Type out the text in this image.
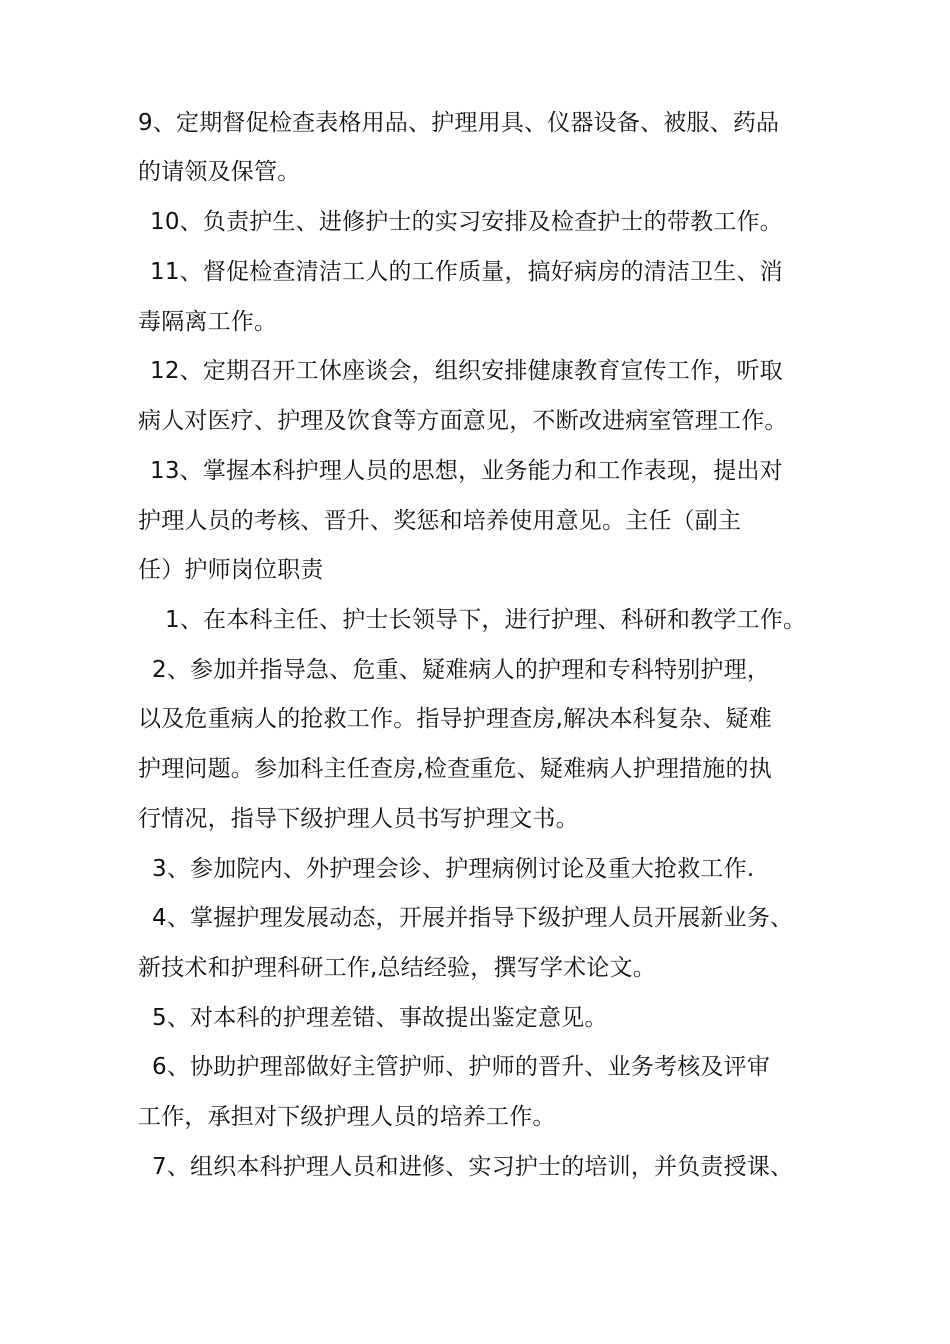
9、定期督促检查表格用品、护理用具、仪器设备、被服、药品
的请领及保管。
10、负责护生、进修护士的实习安排及检查护士的带教工作。
11、督促检查清洁工人的工作质量，搞好病房的清洁卫生、消
毒隔离工作。
12、定期召开工休座谈会，组织安排健康教育宣传工作，听取
病人对医疗、护理及饮食等方面意见，不断改进病室管理工作。
13、掌握本科护理人员的思想，业务能力和工作表现，提出对
护理人员的考核、晋升、奖惩和培养使用意见。主任（副主
任）护师岗位职责
1、在本科主任、护士长领导下，进行护理、科研和教学工作。
2、参加并指导急、危重、疑难病人的护理和专科特别护理，
以及危重病人的抢救工作。指导护理查房,解决本科复杂、疑难
护理问题。参加科主任查房,检查重危、疑难病人护理措施的执
行情况，指导下级护理人员书写护理文书。
3、参加院内、外护理会诊、护理病例讨论及重大抢救工作.
4、掌握护理发展动态，开展并指导下级护理人员开展新业务、
新技术和护理科研工作,总结经验，撰写学术论文。
5、对本科的护理差错、事故提出鉴定意见。
6、协助护理部做好主管护师、护师的晋升、业务考核及评审
工作，承担对下级护理人员的培养工作。
7、组织本科护理人员和进修、实习护士的培训，并负责授课、
